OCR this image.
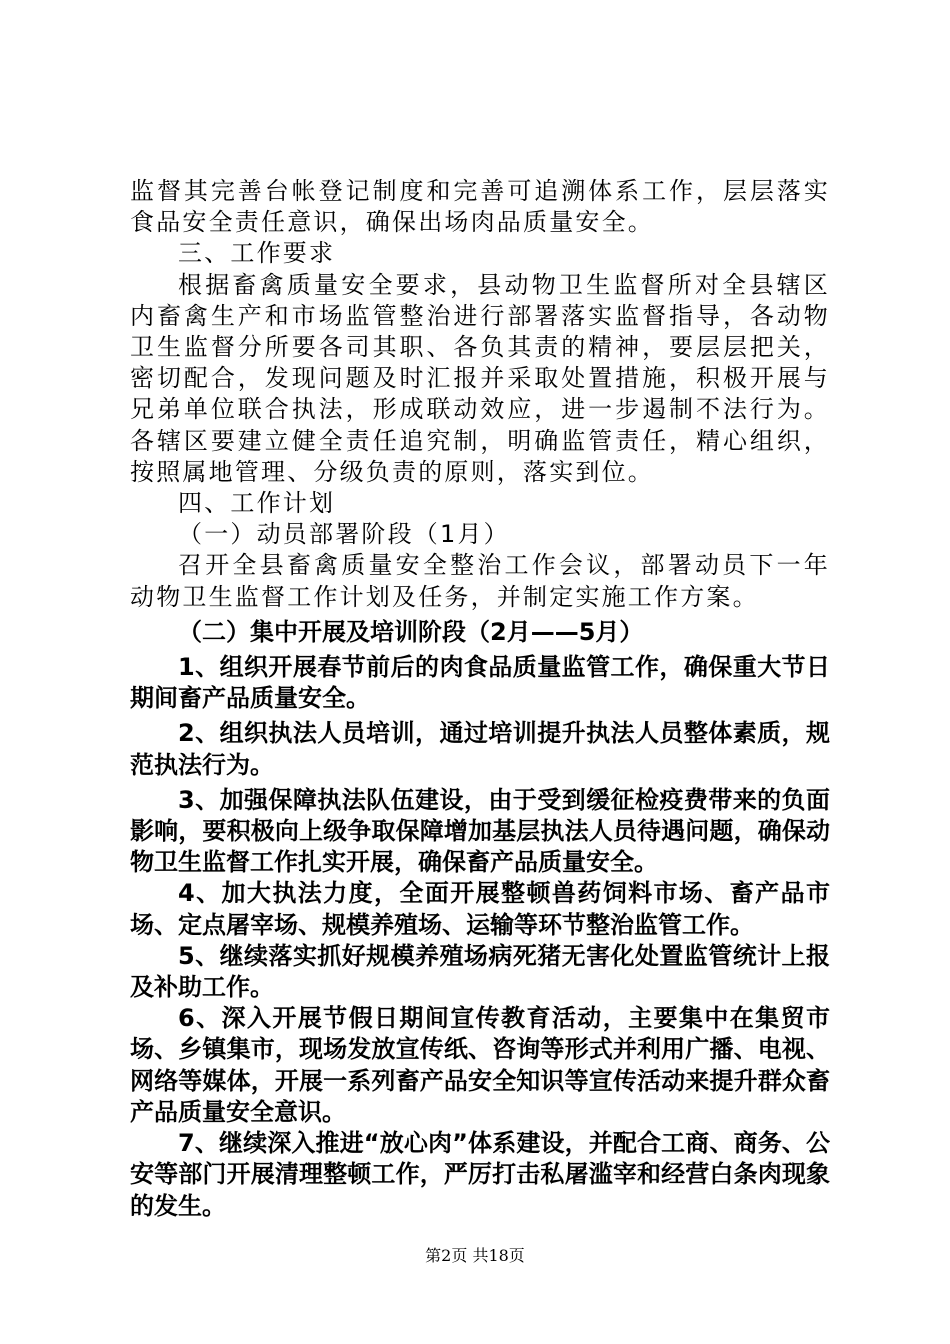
监督其完善台帐登记制度和完善可追溯体系工作，层层落实食品安全责任意识，确保出场肉品质量安全。

三、工作要求

根据畜禽质量安全要求，县动物卫生监督所对全县辖区内畜禽生产和市场监管整治进行部署落实监督指导，各动物卫生监督分所要各司其职、各负其责的精神，要层层把关，密切配合，发现问题及时汇报并采取处置措施，积极开展与兄弟单位联合执法，形成联动效应，进一步遏制不法行为。各辖区要建立健全责任追究制，明确监管责任，精心组织，按照属地管理、分级负责的原则，落实到位。

四、工作计划

（一）动员部署阶段（1月）

召开全县畜禽质量安全整治工作会议，部署动员下一年动物卫生监督工作计划及任务，并制定实施工作方案。

（二）集中开展及培训阶段（2月——5月）

1、组织开展春节前后的肉食品质量监管工作，确保重大节日期间畜产品质量安全。

2、组织执法人员培训，通过培训提升执法人员整体素质，规范执法行为。

3、加强保障执法队伍建设，由于受到缓征检疫费带来的负面影响，要积极向上级争取保障增加基层执法人员待遇问题，确保动物卫生监督工作扎实开展，确保畜产品质量安全。

4、加大执法力度，全面开展整顿兽药饲料市场、畜产品市场、定点屠宰场、规模养殖场、运输等环节整治监管工作。

5、继续落实抓好规模养殖场病死猪无害化处置监管统计上报及补助工作。

6、深入开展节假日期间宣传教育活动，主要集中在集贸市场、乡镇集市，现场发放宣传纸、咨询等形式并利用广播、电视、网络等媒体，开展一系列畜产品安全知识等宣传活动来提升群众畜产品质量安全意识。

7、继续深入推进“放心肉”体系建设，并配合工商、商务、公安等部门开展清理整顿工作，严厉打击私屠滥宰和经营白条肉现象的发生。

第2页 共18页
